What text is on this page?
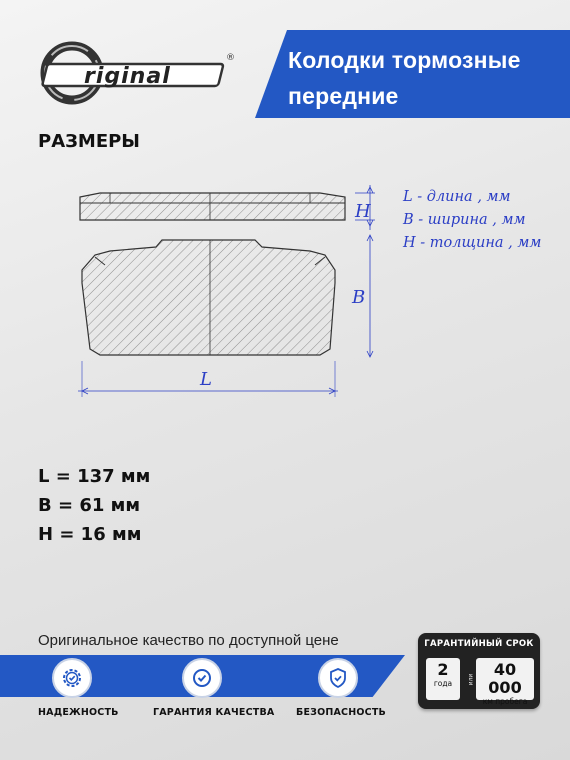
riginal
® Колодки тормозные
передние
РАЗМЕРЫ
H
B
L
L - длина , мм
B - ширина , мм
H - толщина , мм
L = 137 мм
B = 61 мм
H = 16 мм
Оригинальное качество по доступной цене
НАДЕЖНОСТЬ	ГАРАНТИЯ КАЧЕСТВА БЕЗОПАСНОСТЬ
ГАРАНТИЙНЫЙ СРОК
2
года	или
40 000
км пробега
